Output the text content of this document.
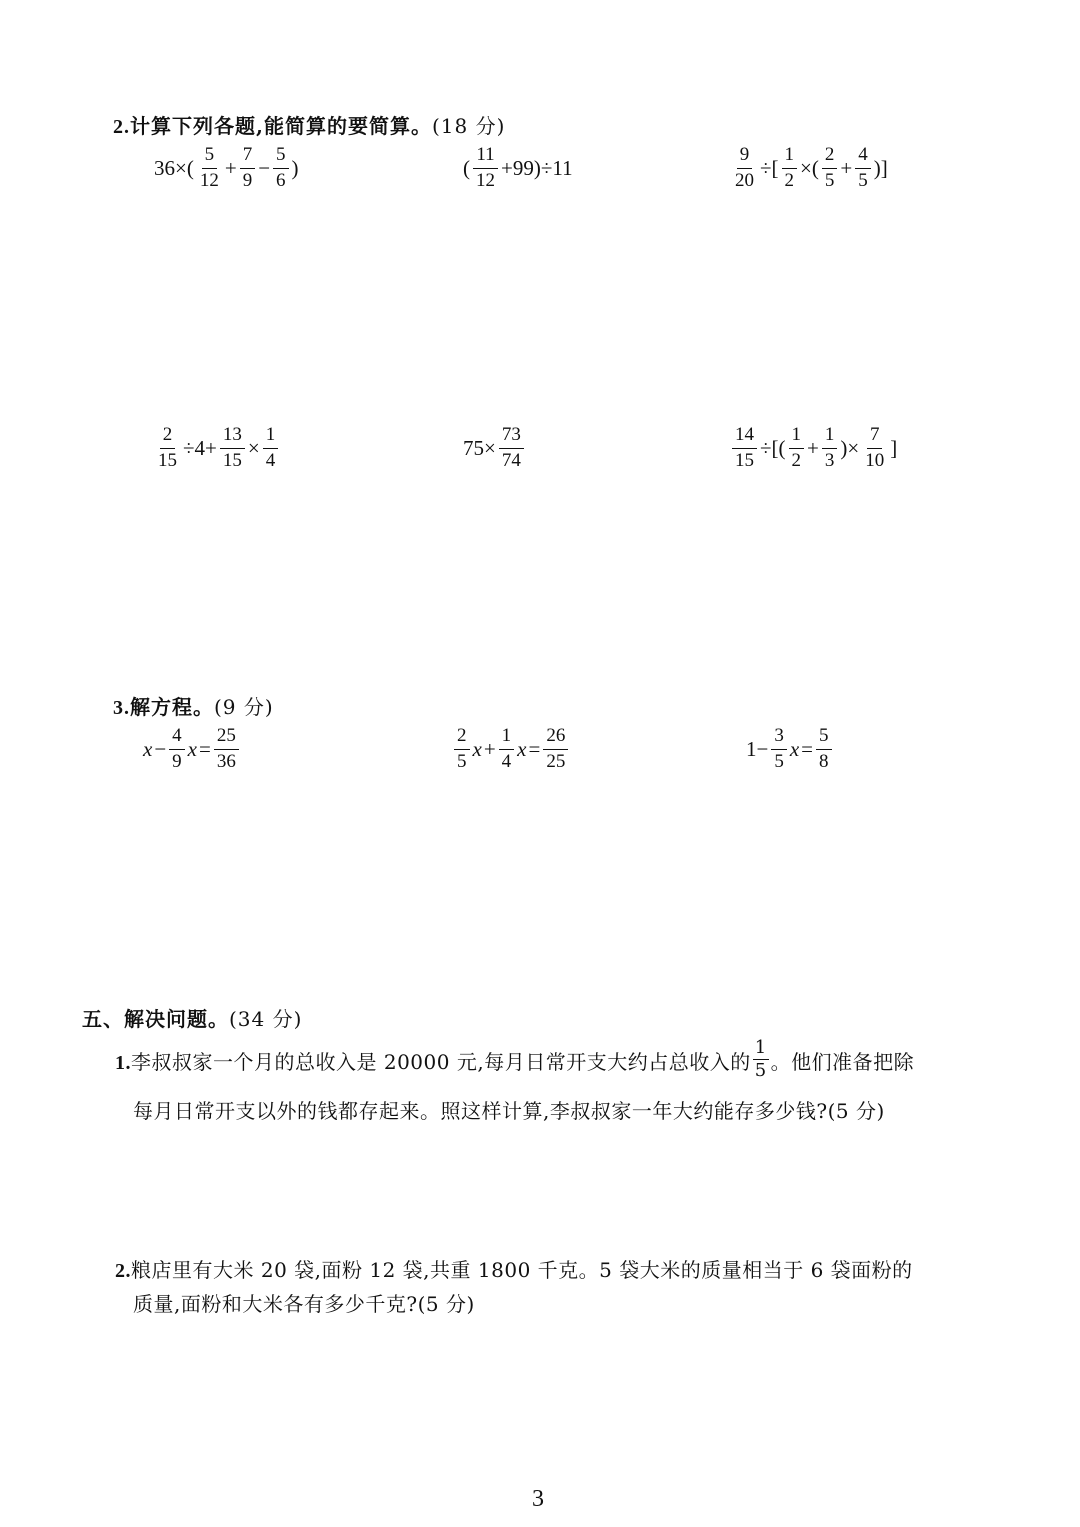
2.计算下列各题,能简算的要简算。(18 分)
$36\times( \frac{5}{12} + \frac{7}{9} - \frac{5}{6}$ )	( $\frac{11}{12} +99)\div 11$	$\frac{9}{20}$ ÷[ $\frac{1}{2}$ ×( $\frac{2}{5} + \frac{4}{5}$ )]
$\frac{2}{15} \div 4+ \frac{13}{15} \times \frac{1}{4}$	$75\times \frac{73}{74}$	$\frac{14}{15}$ ÷[( $\frac{1}{2} + \frac{1}{3}$ )× $\frac{7}{10}$ ]
3.解方程。(9 分)
$x - \frac{4}{9}$ $x = \frac{25}{36}$	$\frac{2}{5}$ $x + \frac{1}{4}$ $x = \frac{26}{25}$	$1- \frac{3}{5}$ $x = \frac{5}{8}$
五、解决问题。(34 分)
1.李叔叔家一个月的总收入是 20000 元,每月日常开支大约占总收入的 $\frac{1}{5}$ 。他们准备把除
每月日常开支以外的钱都存起来。照这样计算,李叔叔家一年大约能存多少钱?(5 分)
2.粮店里有大米 20 袋,面粉 12 袋,共重 1800 千克。5 袋大米的质量相当于 6 袋面粉的
质量,面粉和大米各有多少千克?(5 分)
3
